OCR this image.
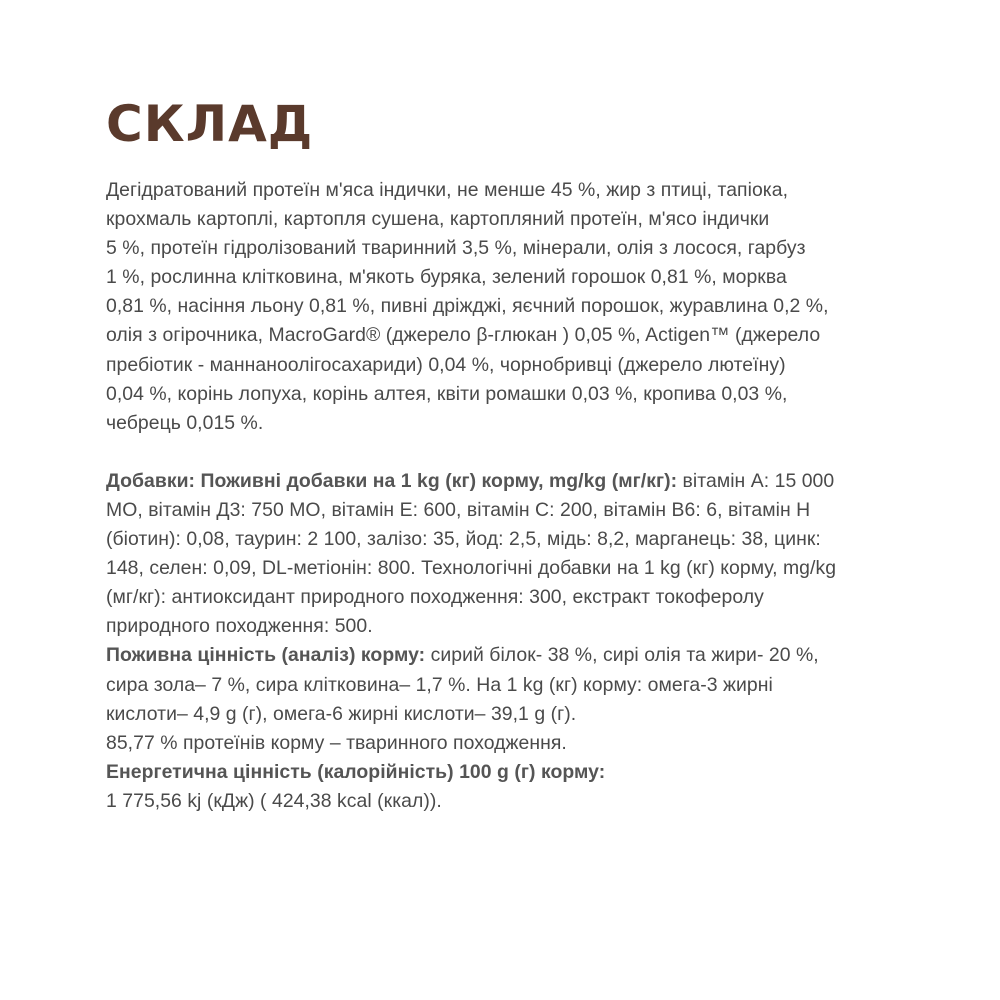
СКЛАД
Дегідратований протеїн м'яса індички, не менше 45 %, жир з птиці, тапіока,
крохмаль картоплі, картопля сушена, картопляний протеїн, м'ясо індички
5 %, протеїн гідролізований тваринний 3,5 %, мінерали, олія з лосося, гарбуз
1 %, рослинна клітковина, м'якоть буряка, зелений горошок 0,81 %, морква
0,81 %, насіння льону 0,81 %, пивні дріжджі, яєчний порошок, журавлина 0,2 %,
олія з огірочника, MacroGard® (джерело β-глюкан ) 0,05 %, Actigen™ (джерело
пребіотик - маннаноолігосахариди) 0,04 %, чорнобривці (джерело лютеїну)
0,04 %, корінь лопуха, корінь алтея, квіти ромашки 0,03 %, кропива 0,03 %,
чебрець 0,015 %.
Добавки: Поживні добавки на 1 kg (кг) корму, mg/kg (мг/кг): вітамін А: 15 000
МО, вітамін Д3: 750 МО, вітамін Е: 600, вітамін С: 200, вітамін В6: 6, вітамін Н
(біотин): 0,08, таурин: 2 100, залізо: 35, йод: 2,5, мідь: 8,2, марганець: 38, цинк:
148, селен: 0,09, DL-метіонін: 800. Технологічні добавки на 1 kg (кг) корму, mg/kg
(мг/кг): антиоксидант природного походження: 300, екстракт токоферолу
природного походження: 500.
Поживна цінність (аналіз) корму: сирий білок- 38 %, сирі олія та жири- 20 %,
сира зола– 7 %, сира клітковина– 1,7 %. На 1 kg (кг) корму: омега-3 жирні
кислоти– 4,9 g (г), омега-6 жирні кислоти– 39,1 g (г).
85,77 % протеїнів корму – тваринного походження.
Енергетична цінність (калорійність) 100 g (г) корму:
1 775,56 kj (кДж) ( 424,38 kcal (ккал)).
